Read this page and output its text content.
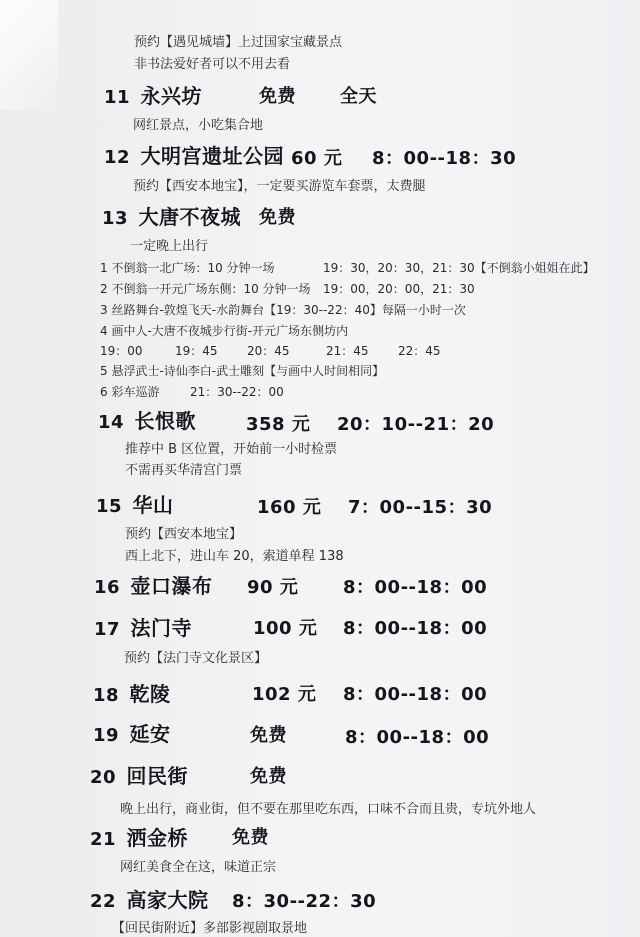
预约【遇见城墙】上过国家宝藏景点
非书法爱好者可以不用去看
11 永兴坊	免费 全天
网红景点，小吃集合地
12 大明宫遗址公园 60 元 8：00--18：30
预约【西安本地宝】，一定要买游览车套票，太费腿
13 大唐不夜城 免费
一定晚上出行
1 不倒翁一北广场：10 分钟一场	19：30，20：30，21：30【不倒翁小姐姐在此】
2 不倒翁一开元广场东侧：10 分钟一场 19：00，20：00，21：30
3 丝路舞台-敦煌飞天-水韵舞台【19：30--22：40】每隔一小时一次
4 画中人-大唐不夜城步行街-开元广场东侧坊内
19：00	19：45 20：45	21：45 22：45
5 悬浮武士-诗仙李白-武士雕刻【与画中人时间相同】
6 彩车巡游	21：30--22：00
14 长恨歌	358 元 20：10--21：20
推荐中 B 区位置，开始前一小时检票
不需再买华清宫门票
15 华山	160 元 7：00--15：30
预约【西安本地宝】
西上北下，进山车 20，索道单程 138
16 壶口瀑布 90 元 8：00--18：00
17 法门寺	100 元 8：00--18：00
预约【法门寺文化景区】
18 乾陵	102 元 8：00--18：00
19 延安	免费	8：00--18：00
20 回民街	免费
晚上出行，商业街，但不要在那里吃东西，口味不合而且贵，专坑外地人
21 洒金桥 免费
网红美食全在这，味道正宗
22 高家大院 8：30--22：30
【回民街附近】多部影视剧取景地
